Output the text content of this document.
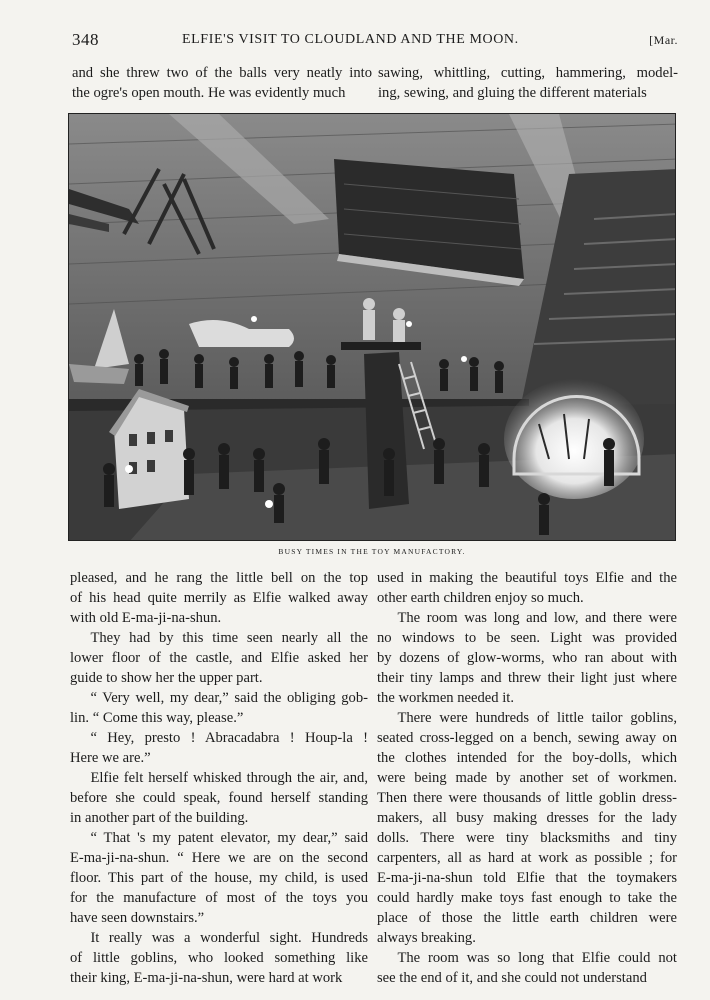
348	ELFIE'S VISIT TO CLOUDLAND AND THE MOON.	[Mar.
and she threw two of the balls very neatly into
the ogre's open mouth. He was evidently much
sawing, whittling, cutting, hammering, model-
ing, sewing, and gluing the different materials
BUSY TIMES IN THE TOY MANUFACTORY.

pleased, and he rang the little bell on the top
of his head quite merrily as Elfie walked away
with old E-ma-ji-na-shun.

They had by this time seen nearly all the
lower floor of the castle, and Elfie asked her
guide to show her the upper part.

“ Very well, my dear,” said the obliging gob-
lin. “ Come this way, please.”

“ Hey, presto ! Abracadabra ! Houp-la !
Here we are.”

Elfie felt herself whisked through the air, and,
before she could speak, found herself standing
in another part of the building.

“ That 's my patent elevator, my dear,” said
E-ma-ji-na-shun. “ Here we are on the second
floor. This part of the house, my child, is used
for the manufacture of most of the toys you
have seen downstairs.”

It really was a wonderful sight. Hundreds
of little goblins, who looked something like
their king, E-ma-ji-na-shun, were hard at work

used in making the beautiful toys Elfie and the
other earth children enjoy so much.

The room was long and low, and there were
no windows to be seen. Light was provided
by dozens of glow-worms, who ran about with
their tiny lamps and threw their light just where
the workmen needed it.

There were hundreds of little tailor goblins,
seated cross-legged on a bench, sewing away on
the clothes intended for the boy-dolls, which
were being made by another set of workmen.
Then there were thousands of little goblin dress-
makers, all busy making dresses for the lady
dolls. There were tiny blacksmiths and tiny
carpenters, all as hard at work as possible ; for
E-ma-ji-na-shun told Elfie that the toymakers
could hardly make toys fast enough to take the
place of those the little earth children were
always breaking.

The room was so long that Elfie could not
see the end of it, and she could not understand
